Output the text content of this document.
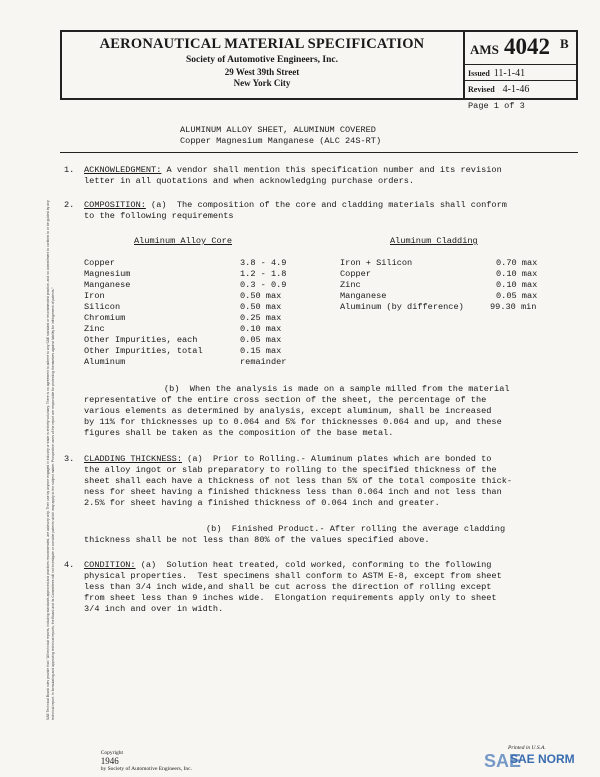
SAE Technical Board rules provide that: "All technical reports, including standards approved and practices recommended, are advisory only. Their use by anyone engaged in industry or trade is entirely voluntary. There is no agreement to adhere to any SAE standard or recommended practice, and no commitment to conform to or be guided by any technical report. In formulating and approving technical reports, the Board and its Committees will not investigate or consider patents which may apply to the subject matter. Prospective users of the report are responsible for protecting themselves against liability for infringement of patents."
AERONAUTICAL MATERIAL SPECIFICATION
Society of Automotive Engineers, Inc.
29 West 39th Street
New York City
AMS 4042 B
Issued 11-1-41
Revised 4-1-46
Page 1 of 3
ALUMINUM ALLOY SHEET, ALUMINUM COVERED
Copper Magnesium Manganese (ALC 24S-RT)
1. ACKNOWLEDGMENT: A vendor shall mention this specification number and its revision
letter in all quotations and when acknowledging purchase orders.
2. COMPOSITION: (a)  The composition of the core and cladding materials shall conform
to the following requirements
Aluminum Alloy Core
Copper	3.8 - 4.9
Magnesium	1.2 - 1.8
Manganese	0.3 - 0.9
Iron	0.50 max
Silicon	0.50 max
Chromium	0.25 max
Zinc	0.10 max
Other Impurities, each	0.05 max
Other Impurities, total	0.15 max
Aluminum	remainder
Aluminum Cladding
Iron + Silicon	0.70 max
Copper	0.10 max
Zinc	0.10 max
Manganese	0.05 max
Aluminum (by difference)	99.30 min
(b)  When the analysis is made on a sample milled from the material
representative of the entire cross section of the sheet, the percentage of the
various elements as determined by analysis, except aluminum, shall be increased
by 11% for thicknesses up to 0.064 and 5% for thicknesses 0.064 and up, and these
figures shall be taken as the composition of the base metal.
3. CLADDING THICKNESS: (a)  Prior to Rolling.- Aluminum plates which are bonded to
the alloy ingot or slab preparatory to rolling to the specified thickness of the
sheet shall each have a thickness of not less than 5% of the total composite thick-
ness for sheet having a finished thickness less than 0.064 inch and not less than
2.5% for sheet having a finished thickness of 0.064 inch and greater.
(b)  Finished Product.- After rolling the average cladding
thickness shall be not less than 80% of the values specified above.
4. CONDITION: (a)  Solution heat treated, cold worked, conforming to the following
physical properties.  Test specimens shall conform to ASTM E-8, except from sheet
less than 3/4 inch wide,and shall be cut across the direction of rolling except
from sheet less than 9 inches wide.  Elongation requirements apply only to sheet
3/4 inch and over in width.

Copyright
1946
by Society of Automotive Engineers, Inc.

Printed in U.S.A.
SAE
SAE NORM
